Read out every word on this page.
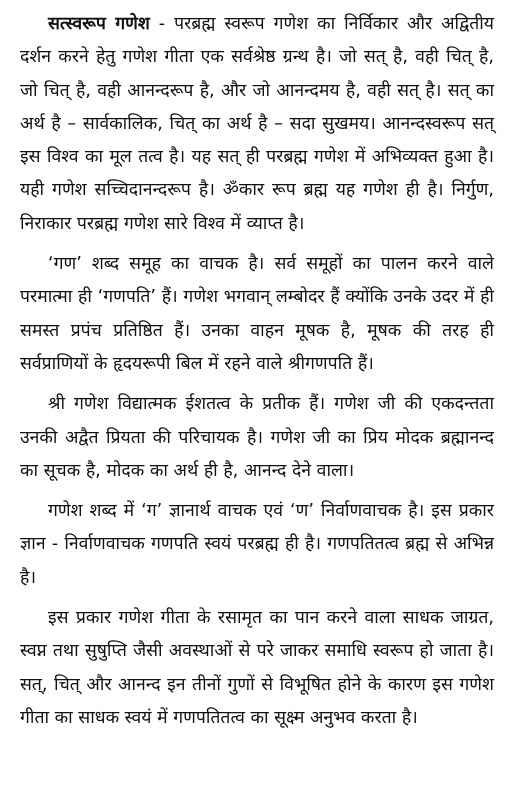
सत्स्वरूप गणेश - परब्रह्म स्वरूप गणेश का निर्विकार और अद्वितीय दर्शन करने हेतु गणेश गीता एक सर्वश्रेष्ठ ग्रन्थ है। जो सत् है, वही चित् है, जो चित् है, वही आनन्दरूप है, और जो आनन्दमय है, वही सत् है। सत् का अर्थ है – सार्वकालिक, चित् का अर्थ है – सदा सुखमय। आनन्दस्वरूप सत् इस विश्व का मूल तत्व है। यह सत् ही परब्रह्म गणेश में अभिव्यक्त हुआ है। यही गणेश सच्चिदानन्दरूप है। ॐकार रूप ब्रह्म यह गणेश ही है। निर्गुण, निराकार परब्रह्म गणेश सारे विश्व में व्याप्त है।

‘गण’ शब्द समूह का वाचक है। सर्व समूहों का पालन करने वाले परमात्मा ही ‘गणपति’ हैं। गणेश भगवान् लम्बोदर हैं क्योंकि उनके उदर में ही समस्त प्रपंच प्रतिष्ठित हैं। उनका वाहन मूषक है, मूषक की तरह ही सर्वप्राणियों के हृदयरूपी बिल में रहने वाले श्रीगणपति हैं।

श्री गणेश विद्यात्मक ईशतत्व के प्रतीक हैं। गणेश जी की एकदन्तता उनकी अद्वैत प्रियता की परिचायक है। गणेश जी का प्रिय मोदक ब्रह्मानन्द का सूचक है, मोदक का अर्थ ही है, आनन्द देने वाला।

गणेश शब्द में ‘ग’ ज्ञानार्थ वाचक एवं ‘ण’ निर्वाणवाचक है। इस प्रकार ज्ञान - निर्वाणवाचक गणपति स्वयं परब्रह्म ही है। गणपतितत्व ब्रह्म से अभिन्न है।

इस प्रकार गणेश गीता के रसामृत का पान करने वाला साधक जाग्रत, स्वप्न तथा सुषुप्ति जैसी अवस्थाओं से परे जाकर समाधि स्वरूप हो जाता है। सत्, चित् और आनन्द इन तीनों गुणों से विभूषित होने के कारण इस गणेश गीता का साधक स्वयं में गणपतितत्व का सूक्ष्म अनुभव करता है।
